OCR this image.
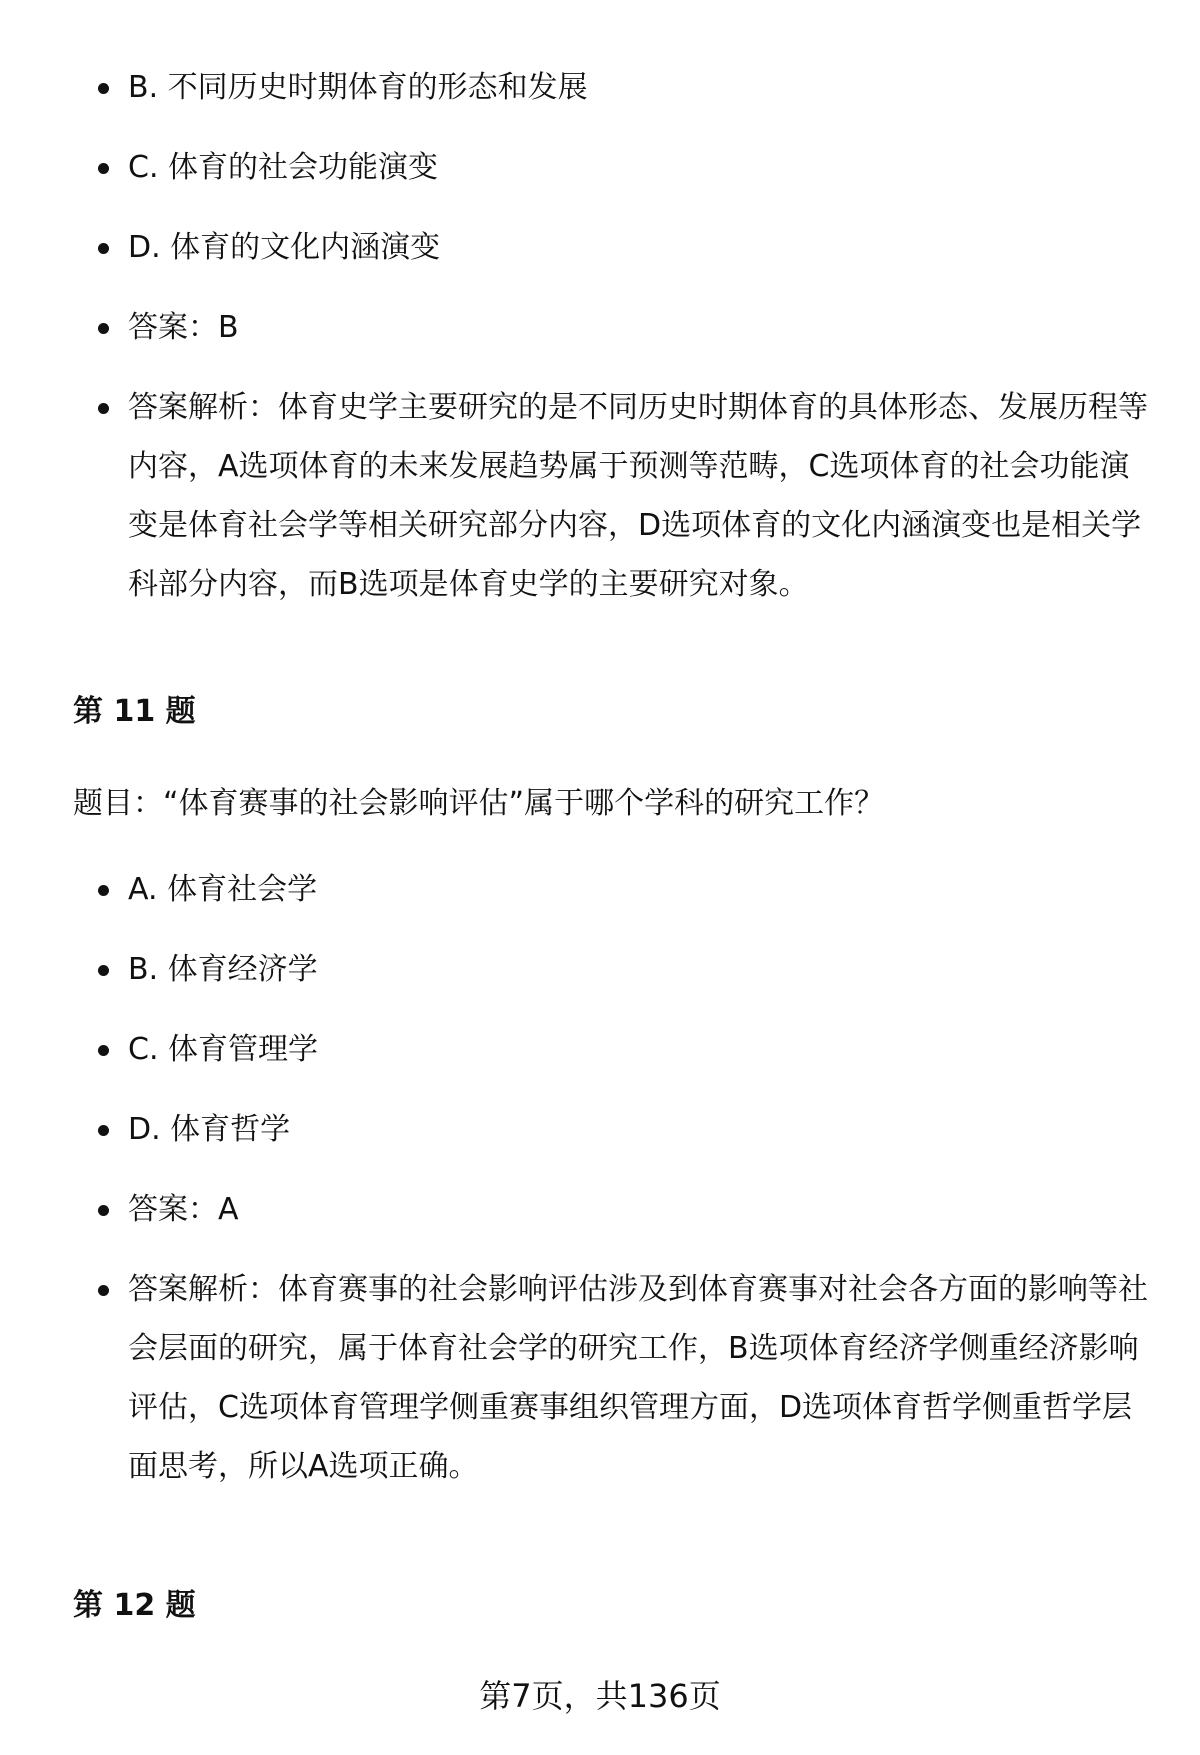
B. 不同历史时期体育的形态和发展
C. 体育的社会功能演变
D. 体育的文化内涵演变
答案：B
答案解析：体育史学主要研究的是不同历史时期体育的具体形态、发展历程等内容，A选项体育的未来发展趋势属于预测等范畴，C选项体育的社会功能演变是体育社会学等相关研究部分内容，D选项体育的文化内涵演变也是相关学科部分内容，而B选项是体育史学的主要研究对象。
第 11 题
题目：“体育赛事的社会影响评估”属于哪个学科的研究工作？
A. 体育社会学
B. 体育经济学
C. 体育管理学
D. 体育哲学
答案：A
答案解析：体育赛事的社会影响评估涉及到体育赛事对社会各方面的影响等社会层面的研究，属于体育社会学的研究工作，B选项体育经济学侧重经济影响评估，C选项体育管理学侧重赛事组织管理方面，D选项体育哲学侧重哲学层面思考，所以A选项正确。
第 12 题
第7页，共136页
